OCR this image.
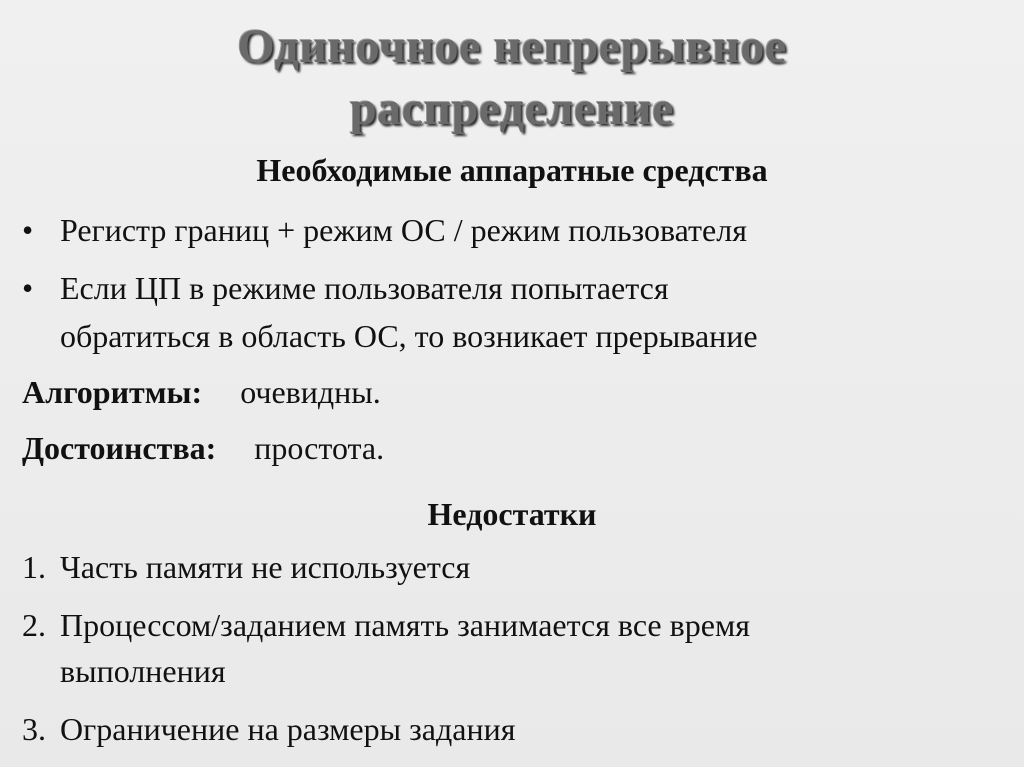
Одиночное непрерывное
распределение
Необходимые аппаратные средства
• Регистр границ + режим ОС / режим пользователя
• Если ЦП в режиме пользователя попытается
обратиться в область ОС, то возникает прерывание
Алгоритмы: очевидны.
Достоинства: простота.
Недостатки
1. Часть памяти не используется
2. Процессом/заданием память занимается все время
выполнения
3. Ограничение на размеры задания
